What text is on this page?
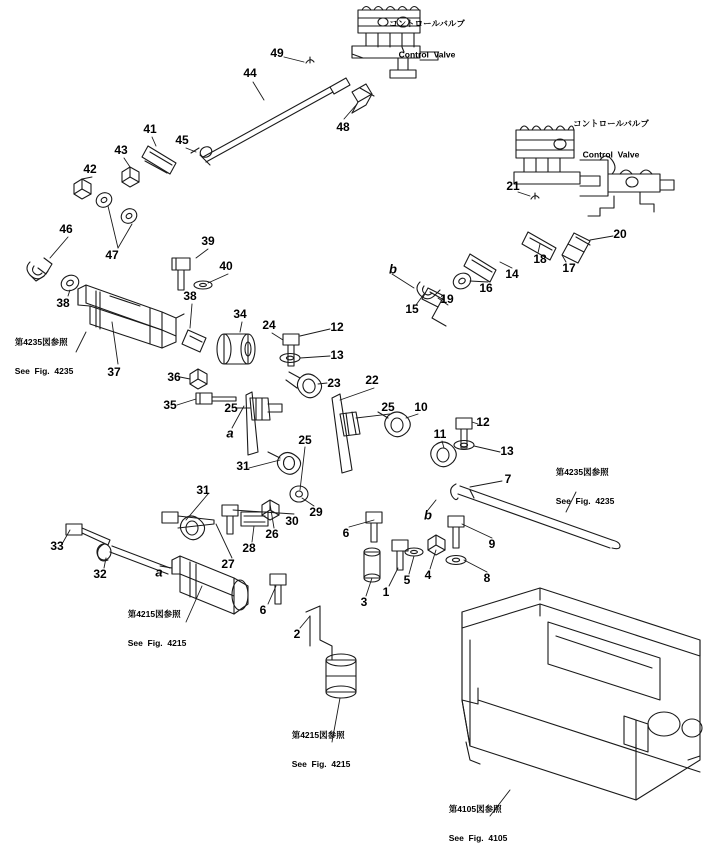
49
44
48
45
41
43
42
46
47
39
40
38	38
37
34
36
35
24	12
13
23
25
22
25 10
11
12
13
7
25
31
31
29
30
26
28
27
33
32
6
6
2
3
1
5 4
9
8
21
20
17
18
14
16
19
15
b
a
a
b

コントロールバルブ

Control  Valve

コントロールバルブ

Control  Valve

第4235図参照

See  Fig.  4235

第4235図参照

See  Fig.  4235

第4215図参照

See  Fig.  4215

第4215図参照

See  Fig.  4215

第4105図参照

See  Fig.  4105
